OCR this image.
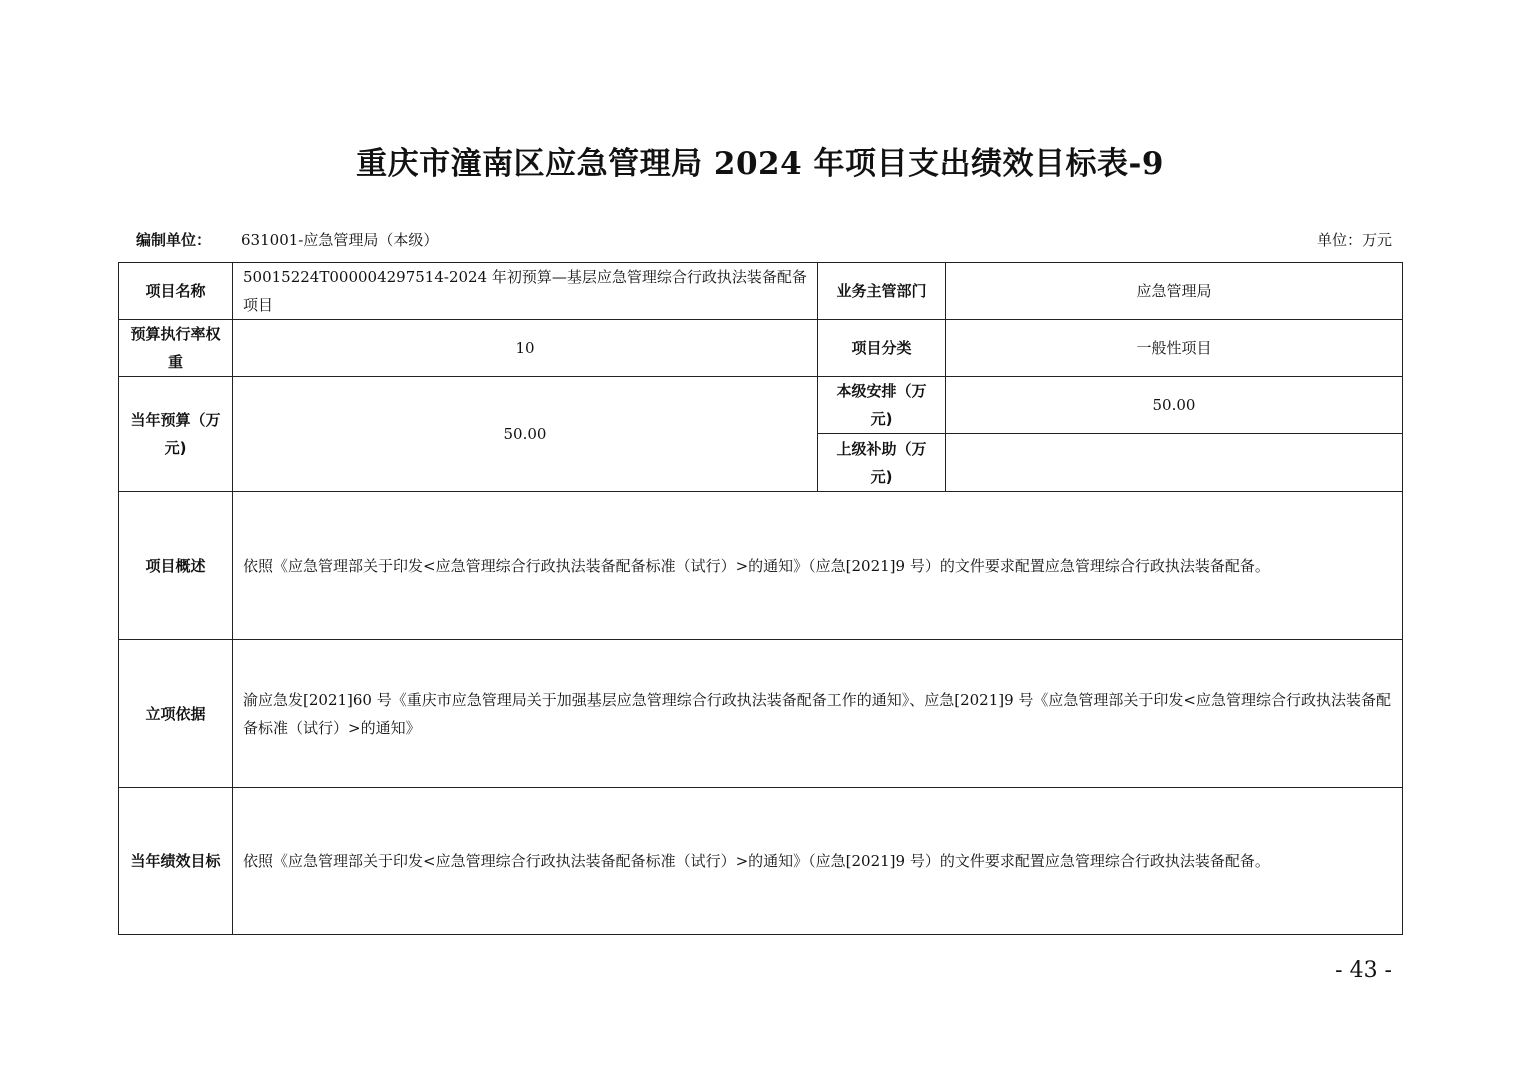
重庆市潼南区应急管理局 2024 年项目支出绩效目标表-9
编制单位： 631001-应急管理局（本级）	单位：万元
项目名称	50015224T000004297514-2024 年初预算—基层应急管理综合行政执法装备配备项目	业务主管部门	应急管理局
预算执行率权重	10	项目分类	一般性项目
当年预算（万元)	50.00	本级安排（万元)	50.00
		上级补助（万元)	
项目概述	依照《应急管理部关于印发<应急管理综合行政执法装备配备标准（试行）>的通知》（应急[2021]9 号）的文件要求配置应急管理综合行政执法装备配备。		
立项依据	渝应急发[2021]60 号《重庆市应急管理局关于加强基层应急管理综合行政执法装备配备工作的通知》、应急[2021]9 号《应急管理部关于印发<应急管理综合行政执法装备配备标准（试行）>的通知》		
当年绩效目标	依照《应急管理部关于印发<应急管理综合行政执法装备配备标准（试行）>的通知》（应急[2021]9 号）的文件要求配置应急管理综合行政执法装备配备。		
- 43 -
